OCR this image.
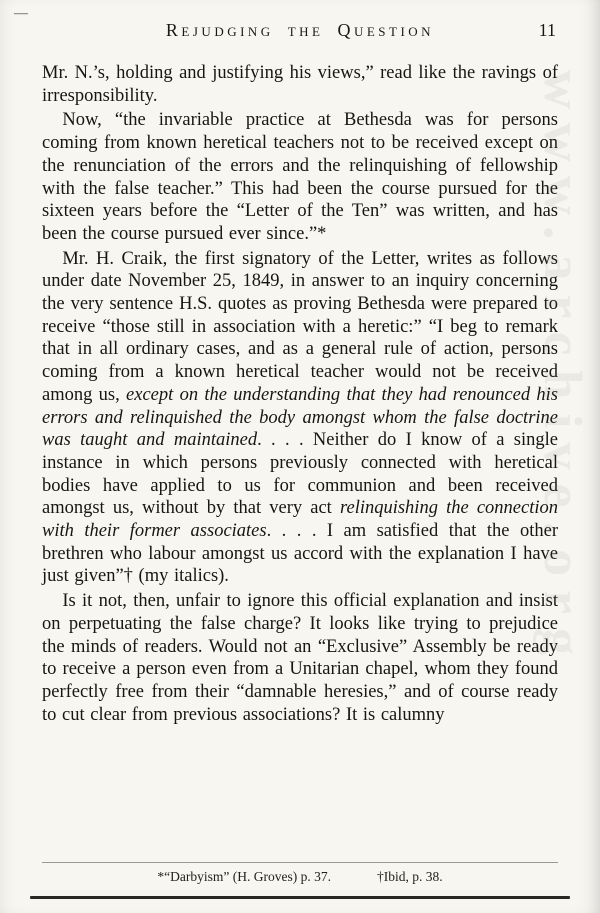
www.archive.org
—
Rejudging the Question	11

Mr. N.’s, holding and justifying his views,” read like the ravings of irresponsibility.

Now, “the invariable practice at Bethesda was for persons coming from known heretical teachers not to be received except on the renunciation of the errors and the relinquishing of fellowship with the false teacher.” This had been the course pursued for the sixteen years before the “Letter of the Ten” was written, and has been the course pursued ever since.”*

Mr. H. Craik, the first signatory of the Letter, writes as follows under date November 25, 1849, in answer to an inquiry concerning the very sentence H.S. quotes as proving Bethesda were prepared to receive “those still in association with a heretic:” “I beg to remark that in all ordinary cases, and as a general rule of action, persons coming from a known heretical teacher would not be received among us, except on the understanding that they had renounced his errors and relinquished the body amongst whom the false doctrine was taught and maintained. . . . Neither do I know of a single instance in which persons previously connected with heretical bodies have applied to us for communion and been received amongst us, without by that very act relinquishing the connection with their former associates. . . . I am satisfied that the other brethren who labour amongst us accord with the explanation I have just given”† (my italics).

Is it not, then, unfair to ignore this official explanation and insist on perpetuating the false charge? It looks like trying to prejudice the minds of readers. Would not an “Exclusive” Assembly be ready to receive a person even from a Unitarian chapel, whom they found perfectly free from their “damnable heresies,” and of course ready to cut clear from previous associations? It is calumny

*“Darbyism” (H. Groves) p. 37.	†Ibid, p. 38.
